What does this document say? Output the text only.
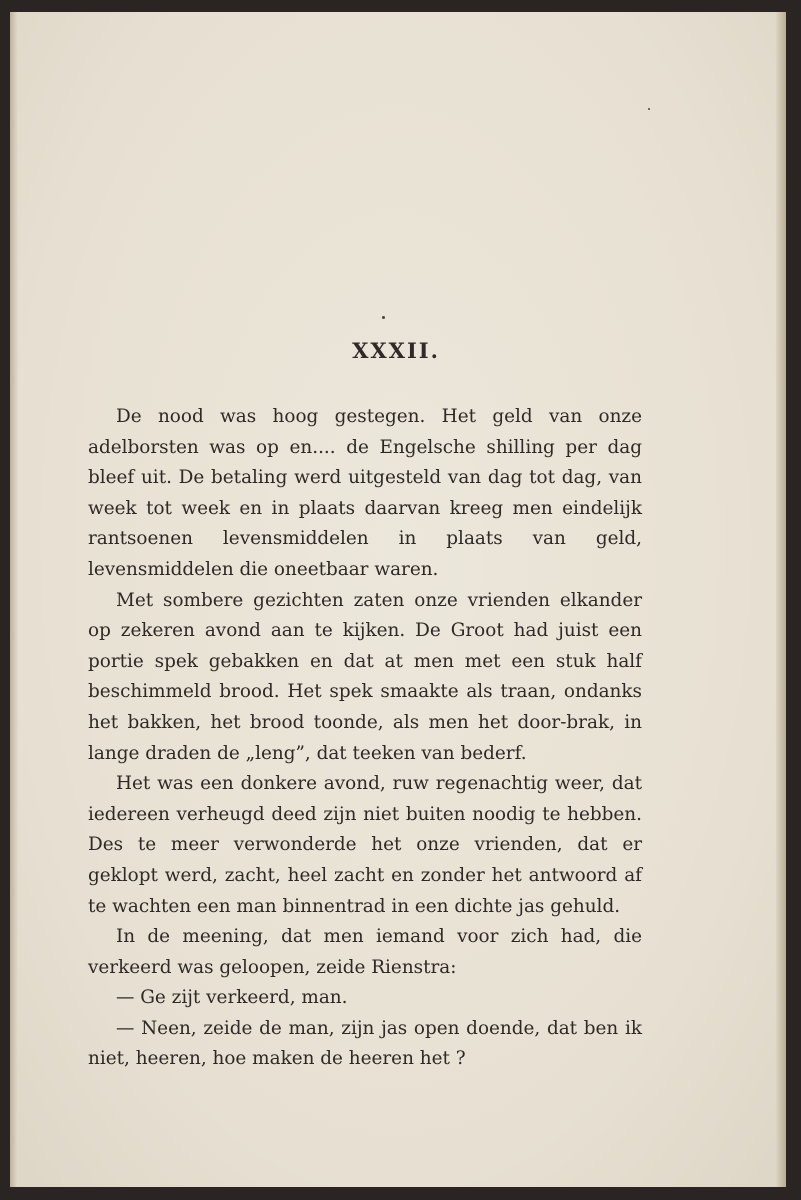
XXXII.

De nood was hoog gestegen. Het geld van onze adelborsten was op en.... de Engelsche shilling per dag bleef uit. De betaling werd uitgesteld van dag tot dag, van week tot week en in plaats daarvan kreeg men eindelijk rantsoenen levensmiddelen in plaats van geld, levensmiddelen die oneetbaar waren.

Met sombere gezichten zaten onze vrienden elkander op zekeren avond aan te kijken. De Groot had juist een portie spek gebakken en dat at men met een stuk half beschimmeld brood. Het spek smaakte als traan, ondanks het bakken, het brood toonde, als men het door-brak, in lange draden de „leng”, dat teeken van bederf.

Het was een donkere avond, ruw regenachtig weer, dat iedereen verheugd deed zijn niet buiten noodig te hebben. Des te meer verwonderde het onze vrienden, dat er geklopt werd, zacht, heel zacht en zonder het antwoord af te wachten een man binnentrad in een dichte jas gehuld.

In de meening, dat men iemand voor zich had, die verkeerd was geloopen, zeide Rienstra:

— Ge zijt verkeerd, man.

— Neen, zeide de man, zijn jas open doende, dat ben ik niet, heeren, hoe maken de heeren het ?
